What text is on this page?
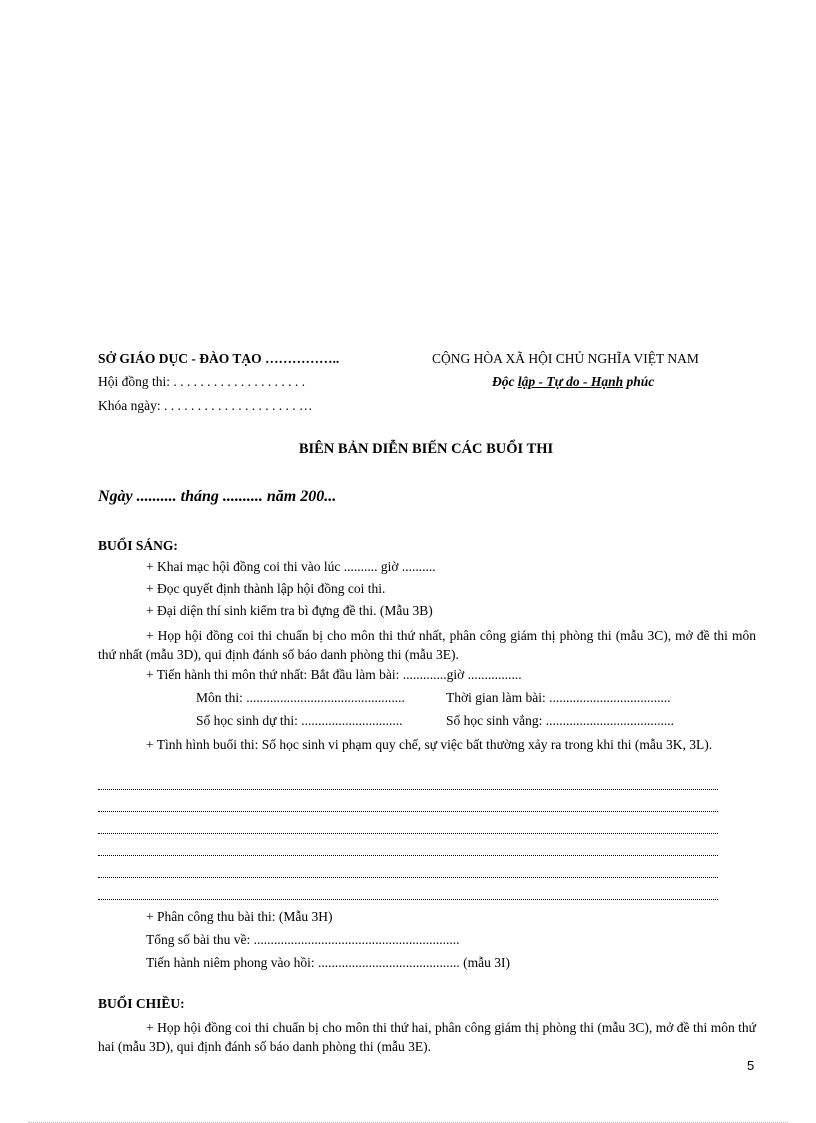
SỞ GIÁO DỤC - ĐÀO TẠO ……………..
Hội đồng thi: . . . . . . . . . . . . . . . . . . . .
Khóa ngày: . . . . . . . . . . . . . . . . . . . . …
CỘNG HÒA XÃ HỘI CHỦ NGHĨA VIỆT NAM
Độc lập - Tự do - Hạnh phúc
BIÊN BẢN DIỄN BIẾN CÁC BUỔI THI
Ngày .......... tháng .......... năm 200...
BUỔI SÁNG:
+ Khai mạc hội đồng coi thi vào lúc .......... giờ ..........
+ Đọc quyết định thành lập hội đồng coi thi.
+ Đại diện thí sinh kiểm tra bì đựng đề thi. (Mẫu 3B)
+ Họp hội đồng coi thi chuẩn bị cho môn thi thứ nhất, phân công giám thị phòng thi (mẫu 3C), mở đề thi môn thứ nhất (mẫu 3D), qui định đánh số báo danh phòng thi (mẫu 3E).
+ Tiến hành thi môn thứ nhất: Bắt đầu làm bài: .............giờ ................
Môn thi: ...............................................	Thời gian làm bài: ....................................
Số học sinh dự thi: ..............................	Số học sinh vắng: ......................................
+ Tình hình buổi thi: Số học sinh vi phạm quy chế, sự việc bất thường xảy ra trong khi thi (mẫu 3K, 3L).
+ Phân công thu bài thi: (Mẫu 3H)
Tổng số bài thu về: .............................................................
Tiến hành niêm phong vào hồi: .......................................... (mẫu 3I)
BUỔI CHIỀU:
+ Họp hội đồng coi thi chuẩn bị cho môn thi thứ hai, phân công giám thị phòng thi (mẫu 3C), mở đề thi môn thứ hai (mẫu 3D), qui định đánh số báo danh phòng thi (mẫu 3E).
5
